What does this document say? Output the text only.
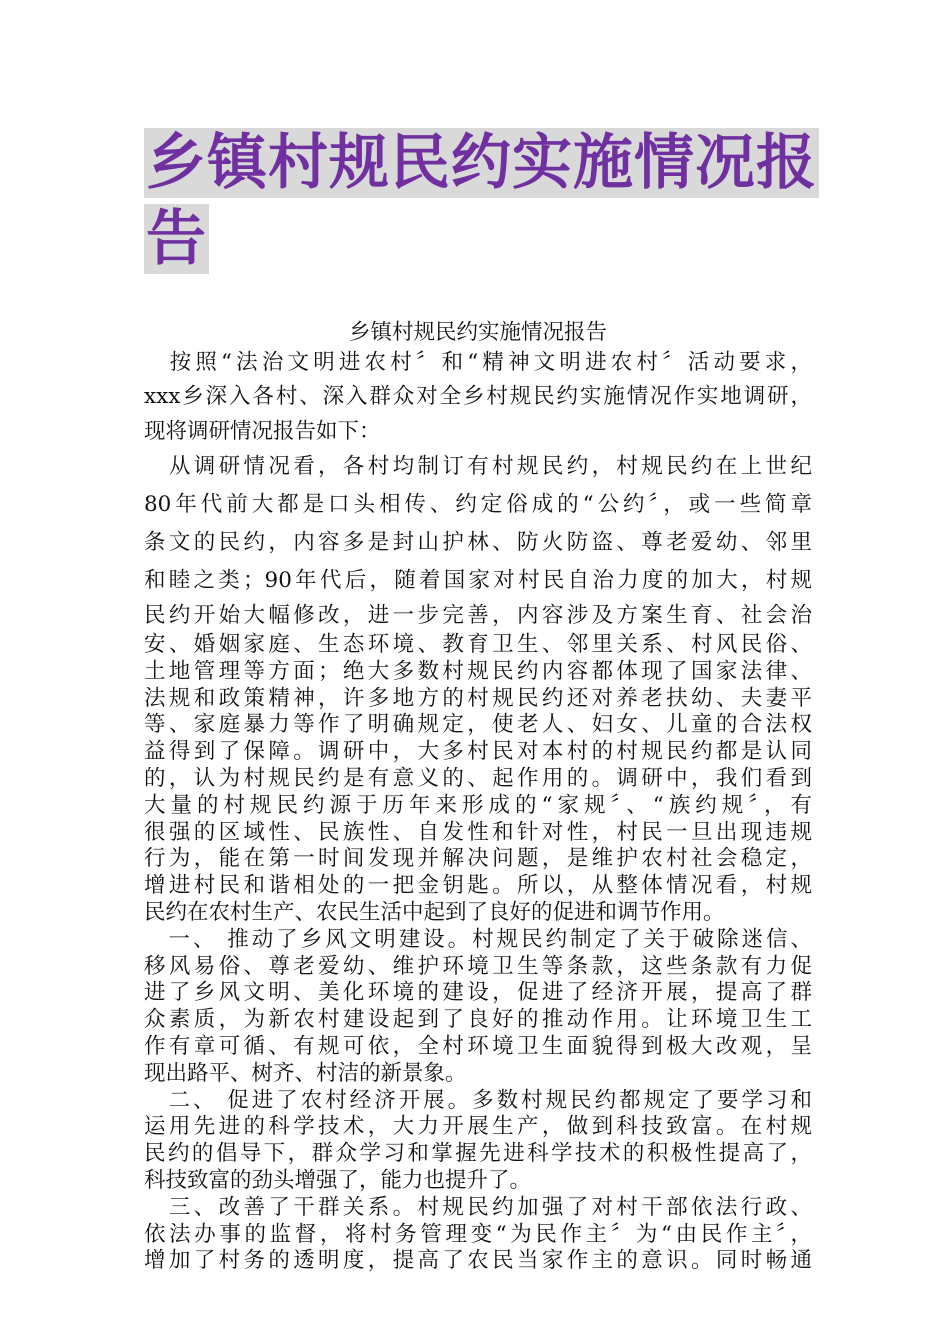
乡镇村规民约实施情况报
告
乡镇村规民约实施情况报告
　按照“法治文明进农村〞和“精神文明进农村〞活动要求，
xxx乡深入各村、深入群众对全乡村规民约实施情况作实地调研，
现将调研情况报告如下：
　从调研情况看，各村均制订有村规民约，村规民约在上世纪
80年代前大都是口头相传、约定俗成的“公约〞，或一些简章
条文的民约，内容多是封山护林、防火防盗、尊老爱幼、邻里
和睦之类；90年代后，随着国家对村民自治力度的加大，村规
民约开始大幅修改，进一步完善，内容涉及方案生育、社会治
安、婚姻家庭、生态环境、教育卫生、邻里关系、村风民俗、
土地管理等方面；绝大多数村规民约内容都体现了国家法律、
法规和政策精神，许多地方的村规民约还对养老扶幼、夫妻平
等、家庭暴力等作了明确规定，使老人、妇女、儿童的合法权
益得到了保障。调研中，大多村民对本村的村规民约都是认同
的，认为村规民约是有意义的、起作用的。调研中，我们看到
大量的村规民约源于历年来形成的“家规〞、“族约规〞，有
很强的区域性、民族性、自发性和针对性，村民一旦出现违规
行为，能在第一时间发现并解决问题，是维护农村社会稳定，
增进村民和谐相处的一把金钥匙。所以，从整体情况看，村规
民约在农村生产、农民生活中起到了良好的促进和调节作用。
　一、 推动了乡风文明建设。村规民约制定了关于破除迷信、
移风易俗、尊老爱幼、维护环境卫生等条款，这些条款有力促
进了乡风文明、美化环境的建设，促进了经济开展，提高了群
众素质，为新农村建设起到了良好的推动作用。让环境卫生工
作有章可循、有规可依，全村环境卫生面貌得到极大改观，呈
现出路平、树齐、村洁的新景象。
　二、 促进了农村经济开展。多数村规民约都规定了要学习和
运用先进的科学技术，大力开展生产，做到科技致富。在村规
民约的倡导下，群众学习和掌握先进科学技术的积极性提高了，
科技致富的劲头增强了，能力也提升了。
　三、改善了干群关系。村规民约加强了对村干部依法行政、
依法办事的监督，将村务管理变“为民作主〞为“由民作主〞，
增加了村务的透明度，提高了农民当家作主的意识。同时畅通
